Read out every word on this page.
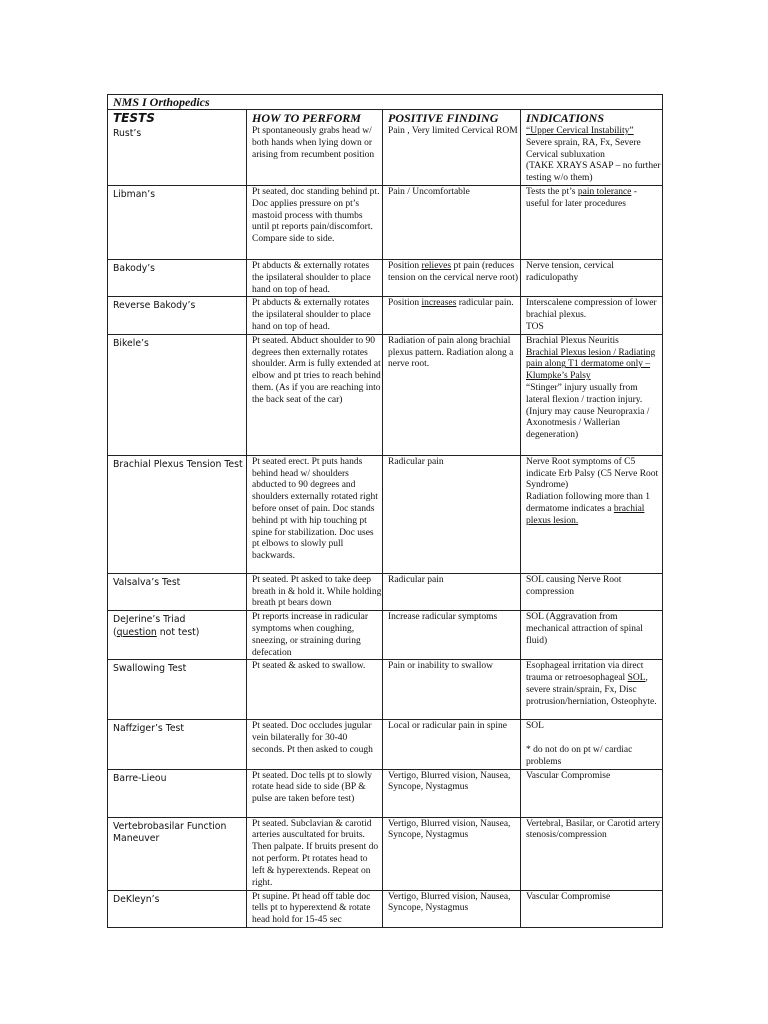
NMS I Orthopedics			
TESTS	HOW TO PERFORM	POSITIVE FINDING	INDICATIONS
Rust’s	Pt spontaneously grabs head w/ both hands when lying down or arising from recumbent position	Pain , Very limited Cervical ROM	“Upper Cervical Instability”
Severe sprain, RA, Fx, Severe Cervical subluxation
(TAKE XRAYS ASAP – no further testing w/o them)
Libman’s	Pt seated, doc standing behind pt. Doc applies pressure on pt’s mastoid process with thumbs until pt reports pain/discomfort. Compare side to side.	Pain / Uncomfortable	Tests the pt’s pain tolerance - useful for later procedures
Bakody’s	Pt abducts & externally rotates the ipsilateral shoulder to place hand on top of head.	Position relieves pt pain (reduces tension on the cervical nerve root)	Nerve tension, cervical radiculopathy
Reverse Bakody’s	Pt abducts & externally rotates the ipsilateral shoulder to place hand on top of head.	Position increases radicular pain.	Interscalene compression of lower brachial plexus.
TOS
Bikele’s	Pt seated. Abduct shoulder to 90 degrees then externally rotates shoulder. Arm is fully extended at elbow and pt tries to reach behind them. (As if you are reaching into the back seat of the car)	Radiation of pain along brachial plexus pattern. Radiation along a nerve root.	Brachial Plexus Neuritis
Brachial Plexus lesion / Radiating pain along T1 dermatome only – Klumpke’s Palsy
“Stinger” injury usually from lateral flexion / traction injury. (Injury may cause Neuropraxia / Axonotmesis / Wallerian degeneration)
Brachial Plexus Tension Test	Pt seated erect. Pt puts hands behind head w/ shoulders abducted to 90 degrees and shoulders externally rotated right before onset of pain. Doc stands behind pt with hip touching pt spine for stabilization. Doc uses pt elbows to slowly pull backwards.	Radicular pain	Nerve Root symptoms of C5 indicate Erb Palsy (C5 Nerve Root Syndrome)
Radiation following more than 1 dermatome indicates a brachial plexus lesion.
Valsalva’s Test	Pt seated. Pt asked to take deep breath in & hold it. While holding breath pt bears down	Radicular pain	SOL causing Nerve Root compression
DeJerine’s Triad
(question not test)	Pt reports increase in radicular symptoms when coughing, sneezing, or straining during defecation	Increase radicular symptoms	SOL (Aggravation from mechanical attraction of spinal fluid)
Swallowing Test	Pt seated & asked to swallow.	Pain or inability to swallow	Esophageal irritation via direct trauma or retroesophageal SOL, severe strain/sprain, Fx, Disc protrusion/herniation, Osteophyte.
Naffziger’s Test	Pt seated. Doc occludes jugular vein bilaterally for 30-40 seconds. Pt then asked to cough	Local or radicular pain in spine	SOL

* do not do on pt w/ cardiac problems
Barre-Lieou	Pt seated. Doc tells pt to slowly rotate head side to side (BP & pulse are taken before test)	Vertigo, Blurred vision, Nausea, Syncope, Nystagmus	Vascular Compromise
Vertebrobasilar Function Maneuver	Pt seated. Subclavian & carotid arteries auscultated for bruits. Then palpate. If bruits present do not perform. Pt rotates head to left & hyperextends. Repeat on right.	Vertigo, Blurred vision, Nausea, Syncope, Nystagmus	Vertebral, Basilar, or Carotid artery stenosis/compression
DeKleyn’s	Pt supine. Pt head off table doc tells pt to hyperextend & rotate head hold for 15-45 sec	Vertigo, Blurred vision, Nausea, Syncope, Nystagmus	Vascular Compromise
